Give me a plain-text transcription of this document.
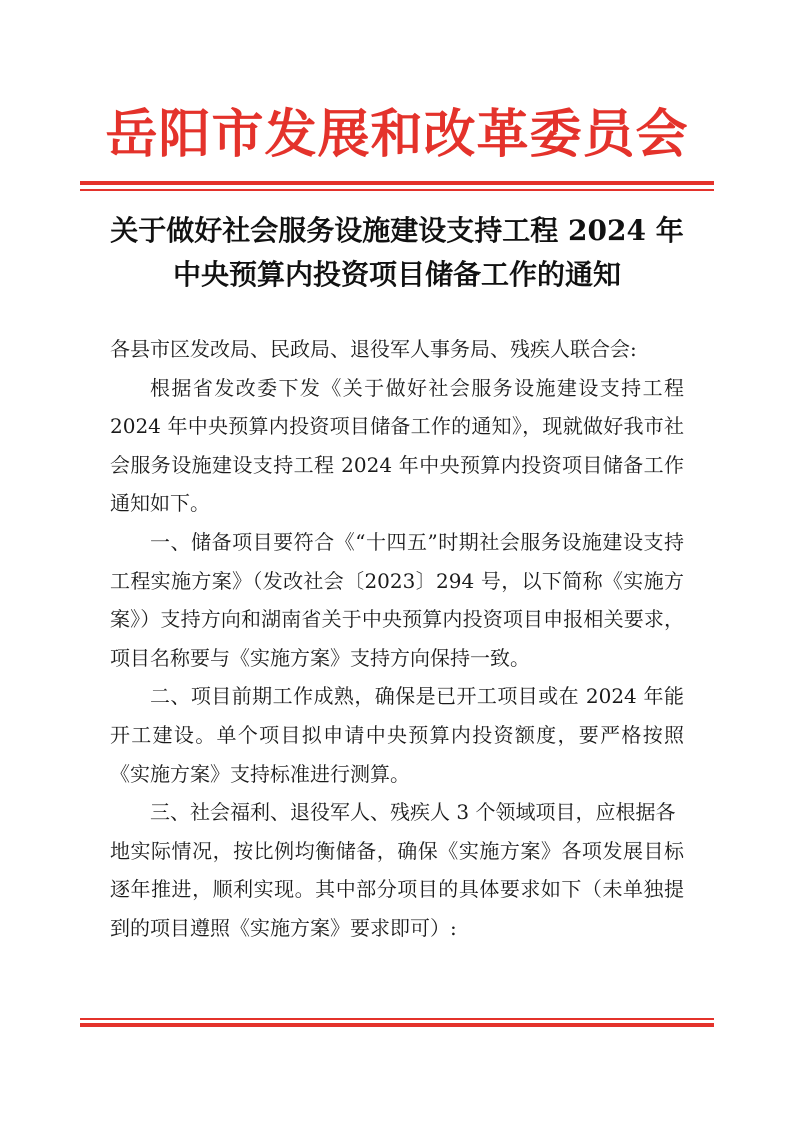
岳阳市发展和改革委员会
关于做好社会服务设施建设支持工程 2024 年
中央预算内投资项目储备工作的通知

各县市区发改局、民政局、退役军人事务局、残疾人联合会:

根据省发改委下发《关于做好社会服务设施建设支持工程 2024 年中央预算内投资项目储备工作的通知》，现就做好我市社会服务设施建设支持工程 2024 年中央预算内投资项目储备工作通知如下。

一、储备项目要符合《“十四五”时期社会服务设施建设支持工程实施方案》（发改社会〔2023〕294 号，以下简称《实施方案》）支持方向和湖南省关于中央预算内投资项目申报相关要求，项目名称要与《实施方案》支持方向保持一致。

二、项目前期工作成熟，确保是已开工项目或在 2024 年能开工建设。单个项目拟申请中央预算内投资额度，要严格按照《实施方案》支持标准进行测算。

三、社会福利、退役军人、残疾人 3 个领域项目，应根据各

地实际情况，按比例均衡储备，确保《实施方案》各项发展目标逐年推进，顺利实现。其中部分项目的具体要求如下（未单独提到的项目遵照《实施方案》要求即可）:
